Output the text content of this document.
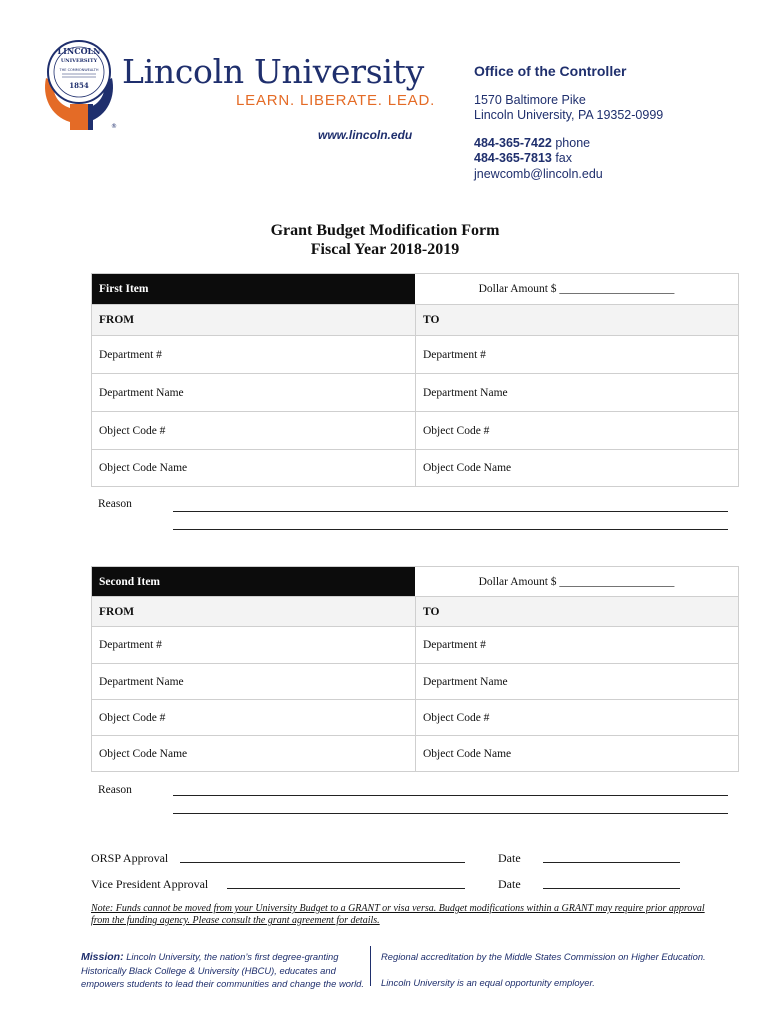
LINCOLN
UNIVERSITY
THE COMMONWEALTH
1854
®
Lincoln University
LEARN. LIBERATE. LEAD.
www.lincoln.edu
Office of the Controller
1570 Baltimore Pike
Lincoln University, PA 19352-0999
484-365-7422 phone
484-365-7813 fax
jnewcomb@lincoln.edu
Grant Budget Modification Form
Fiscal Year 2018-2019
First Item	Dollar Amount $ ____________________
FROM	TO
Department #	Department #
Department Name	Department Name
Object Code #	Object Code #
Object Code Name	Object Code Name
Reason
Second Item	Dollar Amount $ ____________________
FROM	TO
Department #	Department #
Department Name	Department Name
Object Code #	Object Code #
Object Code Name	Object Code Name
Reason
ORSP Approval	Date
Vice President Approval	Date
Note: Funds cannot be moved from your University Budget to a GRANT or visa versa. Budget modifications within a GRANT may require prior approval from the funding agency. Please consult the grant agreement for details.
Mission: Lincoln University, the nation’s first degree-granting Historically Black College & University (HBCU), educates and empowers students to lead their communities and change the world.
Regional accreditation by the Middle States Commission on Higher Education.
Lincoln University is an equal opportunity employer.
